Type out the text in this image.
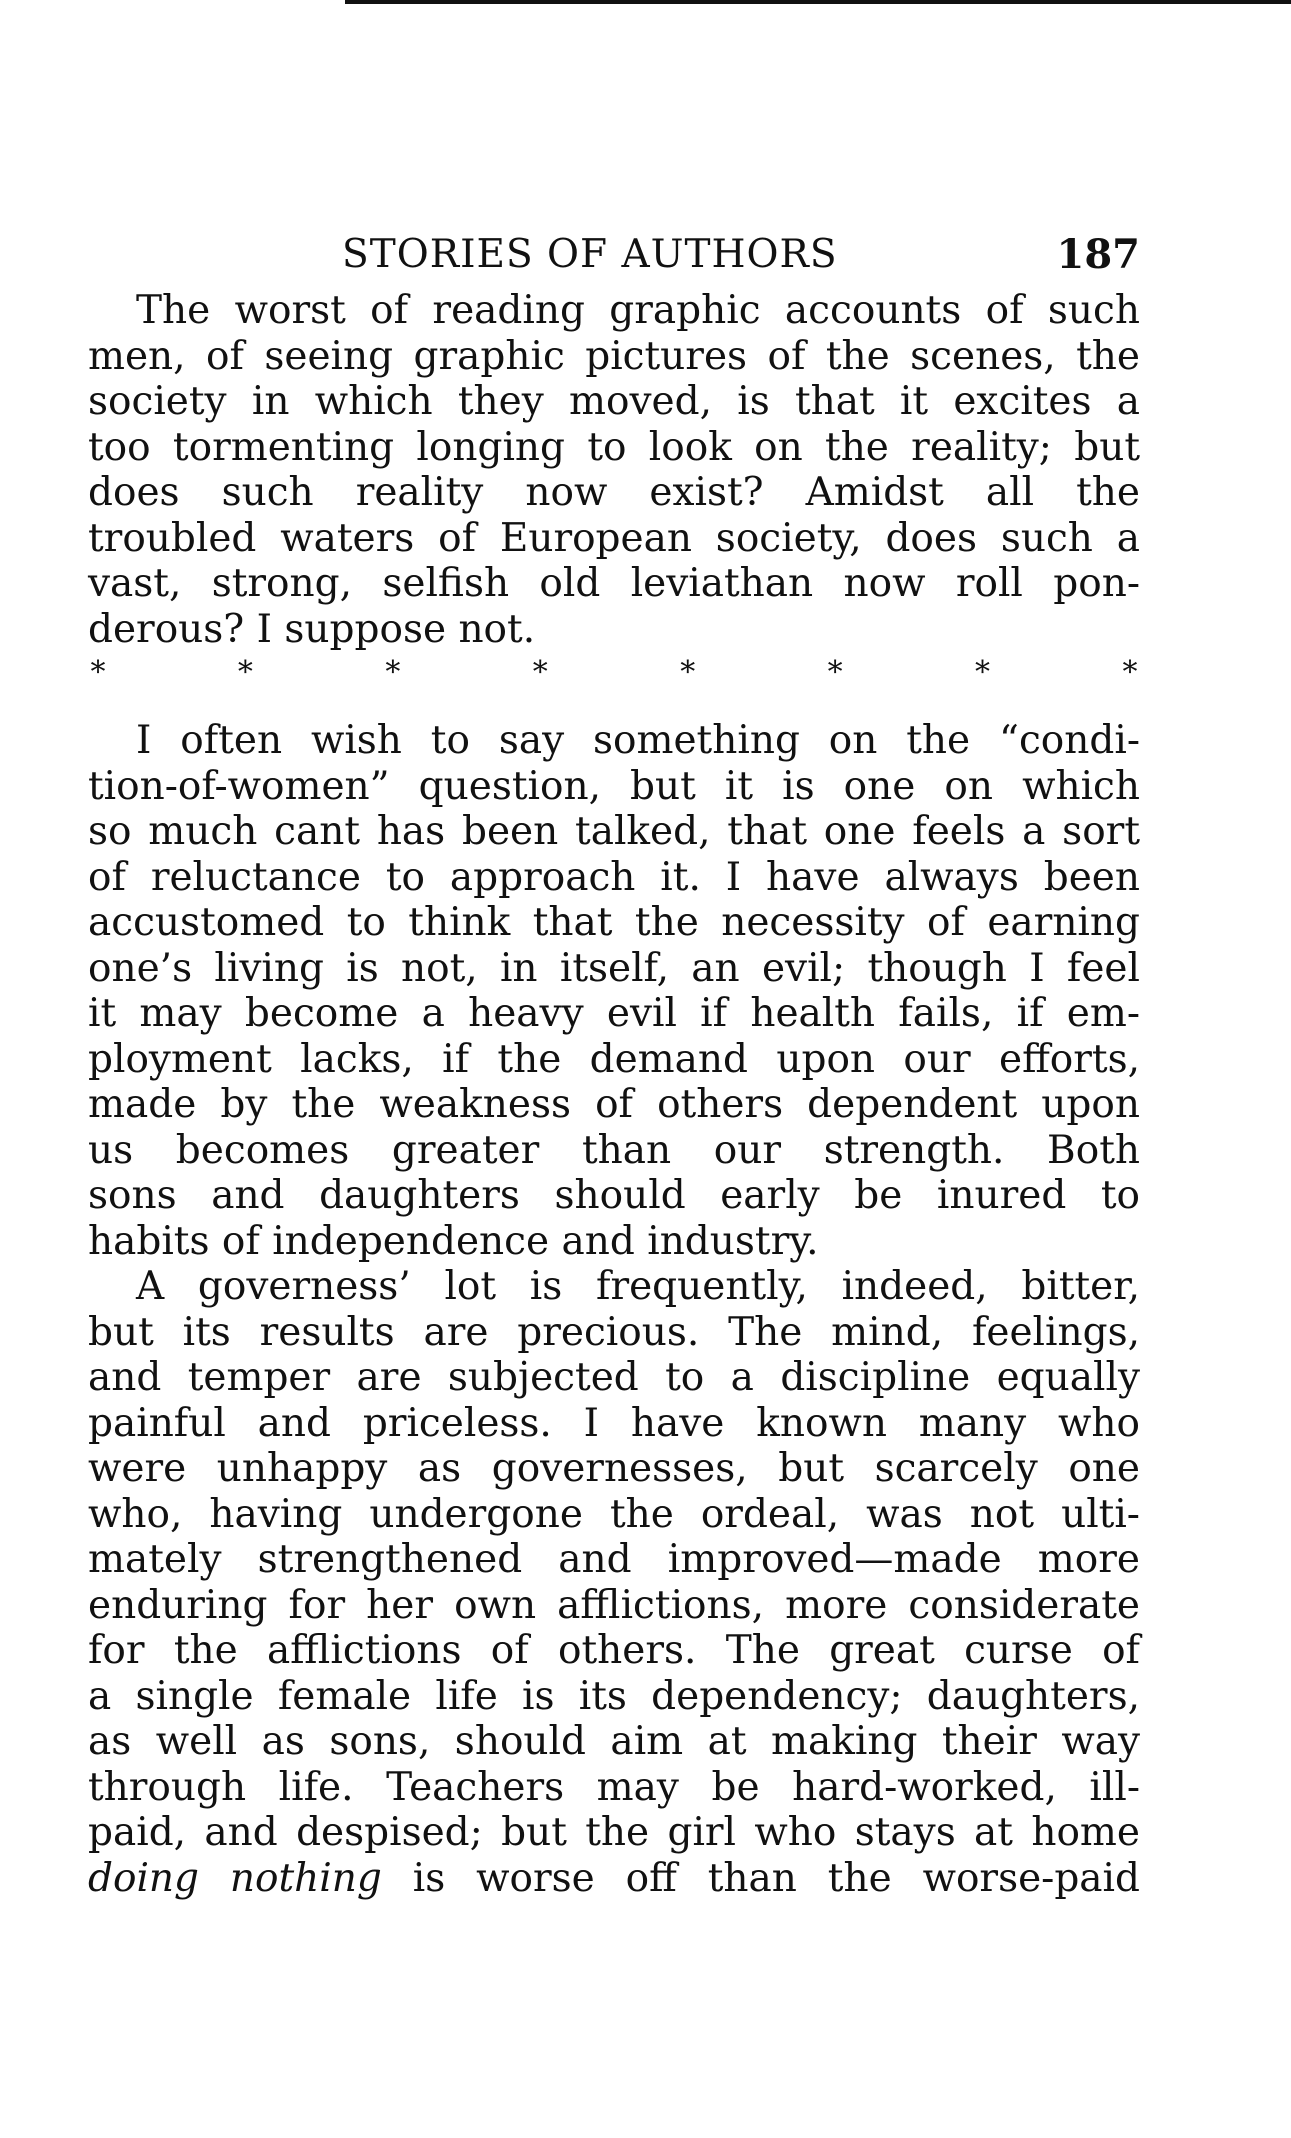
STORIES OF AUTHORS	187
The worst of reading graphic accounts of such
men, of seeing graphic pictures of the scenes, the
society in which they moved, is that it excites a
too tormenting longing to look on the reality; but
does such reality now exist? Amidst all the
troubled waters of European society, does such a
vast, strong, selfish old leviathan now roll pon-
derous? I suppose not.
*	*	*	*	*	*	*	*
I often wish to say something on the “condi-
tion-of-women” question, but it is one on which
so much cant has been talked, that one feels a sort
of reluctance to approach it. I have always been
accustomed to think that the necessity of earning
one’s living is not, in itself, an evil; though I feel
it may become a heavy evil if health fails, if em-
ployment lacks, if the demand upon our efforts,
made by the weakness of others dependent upon
us becomes greater than our strength. Both
sons and daughters should early be inured to
habits of independence and industry.
A governess’ lot is frequently, indeed, bitter,
but its results are precious. The mind, feelings,
and temper are subjected to a discipline equally
painful and priceless. I have known many who
were unhappy as governesses, but scarcely one
who, having undergone the ordeal, was not ulti-
mately strengthened and improved—made more
enduring for her own afflictions, more considerate
for the afflictions of others. The great curse of
a single female life is its dependency; daughters,
as well as sons, should aim at making their way
through life. Teachers may be hard-worked, ill-
paid, and despised; but the girl who stays at home
doing nothing is worse off than the worse-paid
